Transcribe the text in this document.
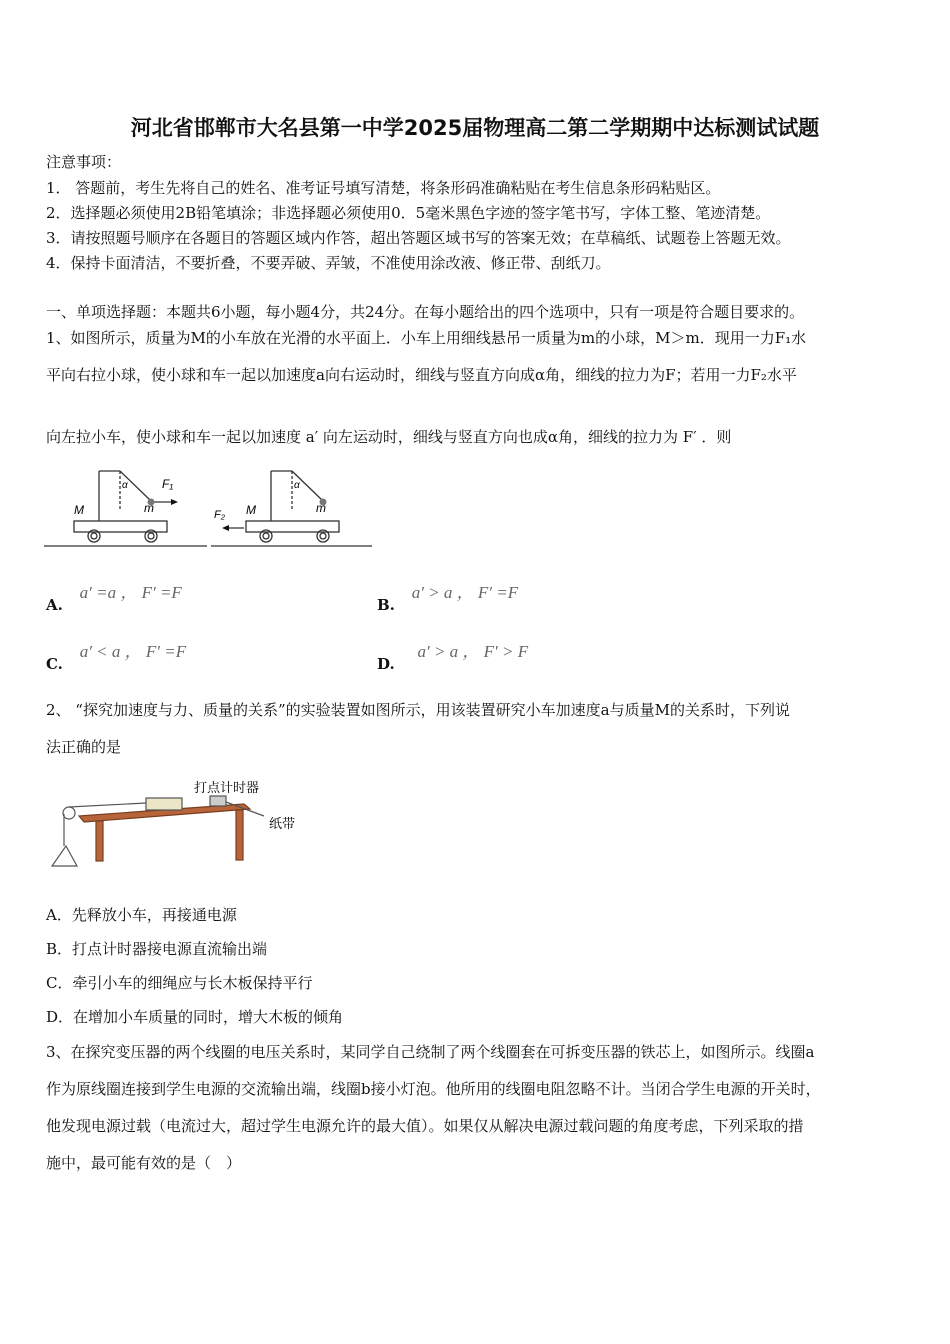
河北省邯郸市大名县第一中学2025届物理高二第二学期期中达标测试试题
注意事项：
1． 答题前，考生先将自己的姓名、准考证号填写清楚，将条形码准确粘贴在考生信息条形码粘贴区。
2．选择题必须使用2B铅笔填涂；非选择题必须使用0．5毫米黑色字迹的签字笔书写，字体工整、笔迹清楚。
3．请按照题号顺序在各题目的答题区域内作答，超出答题区域书写的答案无效；在草稿纸、试题卷上答题无效。
4．保持卡面清洁，不要折叠，不要弄破、弄皱，不准使用涂改液、修正带、刮纸刀。
一、单项选择题：本题共6小题，每小题4分，共24分。在每小题给出的四个选项中，只有一项是符合题目要求的。
1、如图所示，质量为M的小车放在光滑的水平面上．小车上用细线悬吊一质量为m的小球，M＞m．现用一力F₁水
平向右拉小球，使小球和车一起以加速度a向右运动时，细线与竖直方向成α角，细线的拉力为F；若用一力F₂水平
向左拉小车，使小球和车一起以加速度 a′ 向左运动时，细线与竖直方向也成α角，细线的拉力为 F′ ．则
M	M
m	m
α	α
F₁
F₂
A. a′ =a ， F′ =F
B. a′ > a ， F′ =F
C. a′ < a ， F′ =F
D. a′ > a ， F′ > F
2、 “探究加速度与力、质量的关系”的实验装置如图所示，用该装置研究小车加速度a与质量M的关系时，下列说
法正确的是
打点计时器
纸带
A．先释放小车，再接通电源
B．打点计时器接电源直流输出端
C．牵引小车的细绳应与长木板保持平行
D．在增加小车质量的同时，增大木板的倾角
3、在探究变压器的两个线圈的电压关系时，某同学自己绕制了两个线圈套在可拆变压器的铁芯上，如图所示。线圈a
作为原线圈连接到学生电源的交流输出端，线圈b接小灯泡。他所用的线圈电阻忽略不计。当闭合学生电源的开关时，
他发现电源过载（电流过大，超过学生电源允许的最大值）。如果仅从解决电源过载问题的角度考虑，下列采取的措
施中，最可能有效的是（　）
